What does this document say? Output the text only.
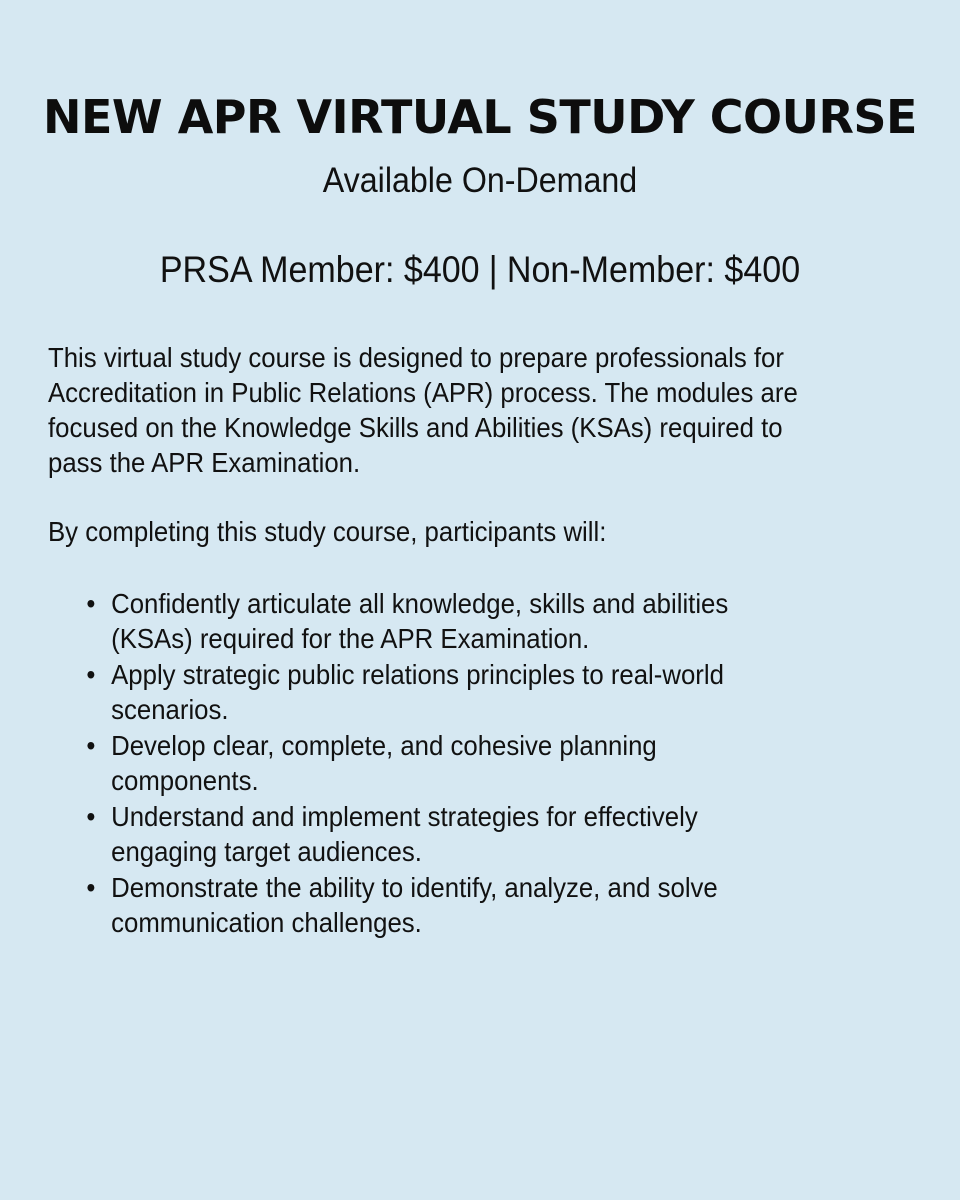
NEW APR VIRTUAL STUDY COURSE

Available On-Demand

PRSA Member: $400 | Non-Member: $400

This virtual study course is designed to prepare professionals for
Accreditation in Public Relations (APR) process. The modules are
focused on the Knowledge Skills and Abilities (KSAs) required to
pass the APR Examination.

By completing this study course, participants will:

• Confidently articulate all knowledge, skills and abilities
(KSAs) required for the APR Examination.
• Apply strategic public relations principles to real-world
scenarios.
• Develop clear, complete, and cohesive planning
components.
• Understand and implement strategies for effectively
engaging target audiences.
• Demonstrate the ability to identify, analyze, and solve
communication challenges.
